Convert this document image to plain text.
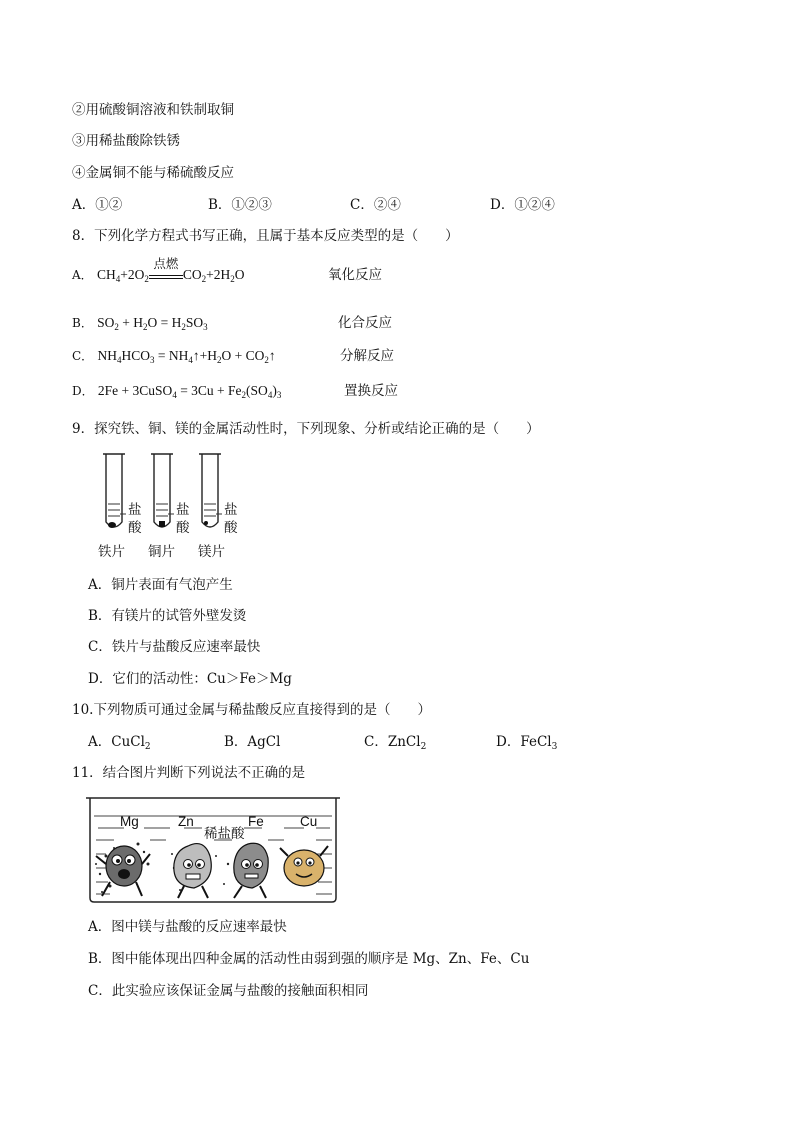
②用硫酸铜溶液和铁制取铜
③用稀盐酸除铁锈
④金属铜不能与稀硫酸反应
A．①②	B．①②③	C．②④	D．①②④
8．下列化学方程式书写正确，且属于基本反应类型的是（　　）
A． $CH_4+2O_2$
点燃
$CO_2+2H_2O$	氧化反应
B． $SO_2 + H_2O = H_2SO_3$	化合反应
C． $NH_4HCO_3$ = $NH_4↑+H_2O$ + $CO_2↑$	分解反应
D． 2Fe + 3CuSO$_4$ = $3Cu + Fe_2(SO_4)_3$	置换反应
9．探究铁、铜、镁的金属活动性时，下列现象、分析或结论正确的是（　　）
盐
酸
盐
酸
盐
酸
铁片 铜片 镁片
A．铜片表面有气泡产生
B．有镁片的试管外壁发烫
C．铁片与盐酸反应速率最快
D．它们的活动性：Cu＞Fe＞Mg
10.下列物质可通过金属与稀盐酸反应直接得到的是（　　）
A．CuCl$_2$	B．AgCl	C．ZnCl$_2$	D．FeCl$_3$
11．结合图片判断下列说法不正确的是
Mg	Zn
稀盐酸
Fe	Cu
A．图中镁与盐酸的反应速率最快
B．图中能体现出四种金属的活动性由弱到强的顺序是 Mg、Zn、Fe、Cu
C．此实验应该保证金属与盐酸的接触面积相同
